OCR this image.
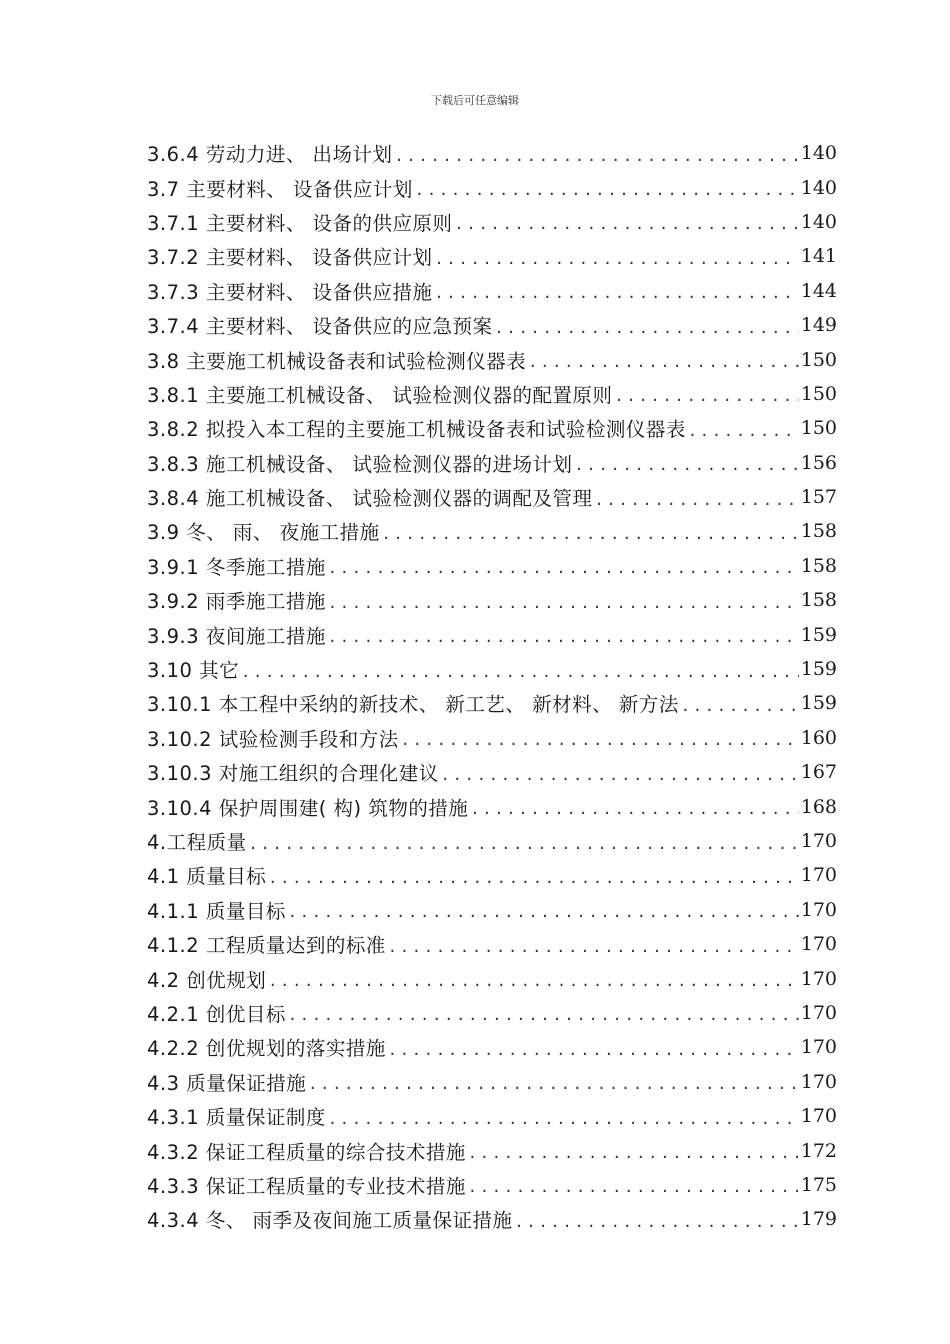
下载后可任意编辑
3.6.4 劳动力进、 出场计划 .....	140
3.7 主要材料、 设备供应计划 .....	140
3.7.1 主要材料、 设备的供应原则 .....	140
3.7.2 主要材料、 设备供应计划 .....	141
3.7.3 主要材料、 设备供应措施 .....	144
3.7.4 主要材料、 设备供应的应急预案 .....	149
3.8 主要施工机械设备表和试验检测仪器表 .....	150
3.8.1 主要施工机械设备、 试验检测仪器的配置原则 .....	150
3.8.2 拟投入本工程的主要施工机械设备表和试验检测仪器表 .....	150
3.8.3 施工机械设备、 试验检测仪器的进场计划 .....	156
3.8.4 施工机械设备、 试验检测仪器的调配及管理 .....	157
3.9 冬、 雨、 夜施工措施 .....	158
3.9.1 冬季施工措施 .....	158
3.9.2 雨季施工措施 .....	158
3.9.3 夜间施工措施 .....	159
3.10 其它 .....	159
3.10.1 本工程中采纳的新技术、 新工艺、 新材料、 新方法 .....	159
3.10.2 试验检测手段和方法 .....	160
3.10.3 对施工组织的合理化建议 .....	167
3.10.4 保护周围建( 构) 筑物的措施 .....	168
4.工程质量 .....	170
4.1 质量目标 .....	170
4.1.1 质量目标 .....	170
4.1.2 工程质量达到的标准 .....	170
4.2 创优规划 .....	170
4.2.1 创优目标 .....	170
4.2.2 创优规划的落实措施 .....	170
4.3 质量保证措施 .....	170
4.3.1 质量保证制度 .....	170
4.3.2 保证工程质量的综合技术措施 .....	172
4.3.3 保证工程质量的专业技术措施 .....	175
4.3.4 冬、 雨季及夜间施工质量保证措施 .....	179
